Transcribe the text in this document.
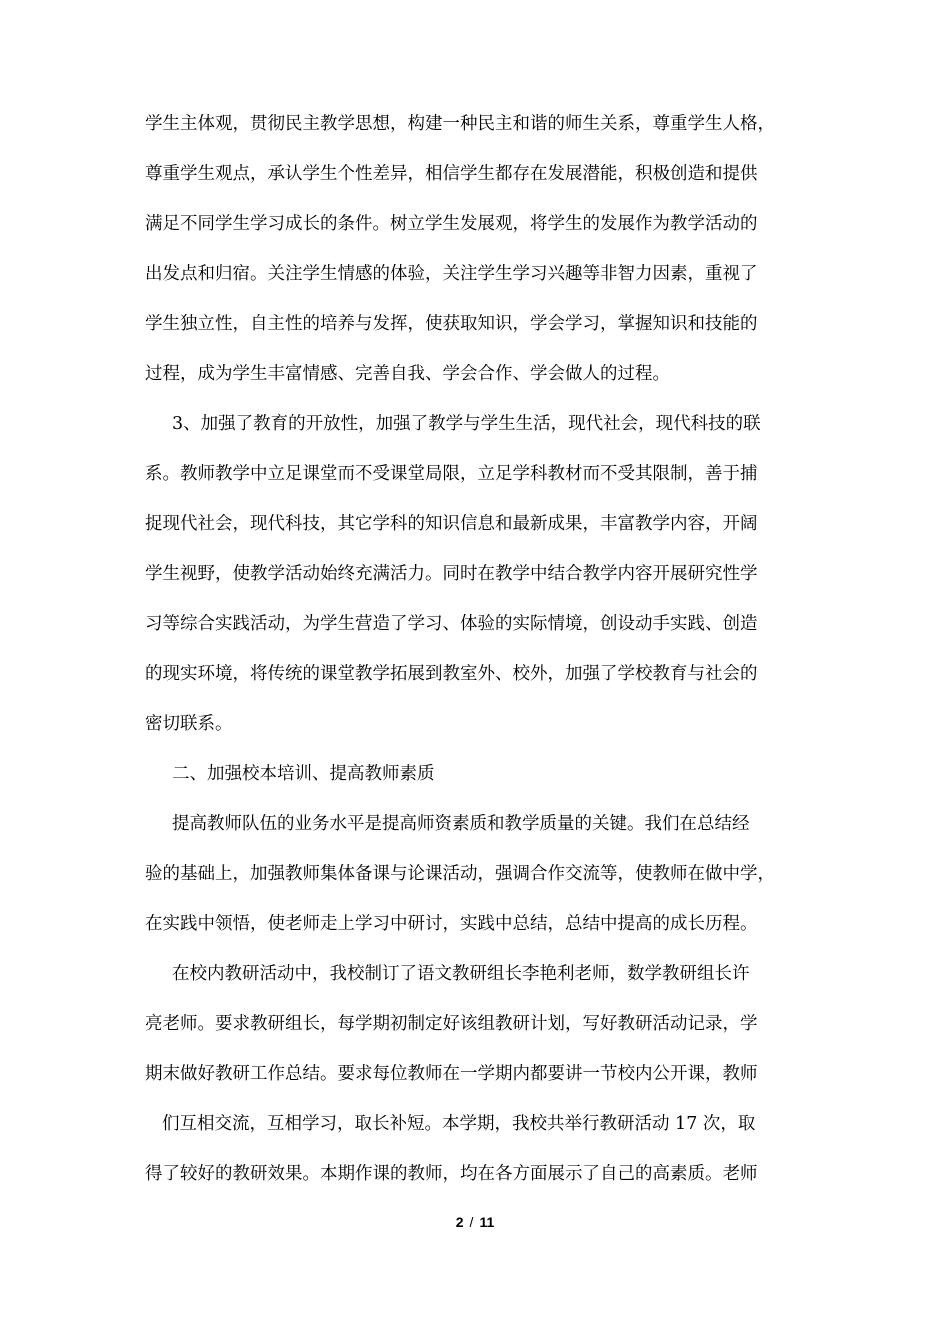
学生主体观，贯彻民主教学思想，构建一种民主和谐的师生关系，尊重学生人格，
尊重学生观点，承认学生个性差异，相信学生都存在发展潜能，积极创造和提供
满足不同学生学习成长的条件。树立学生发展观，将学生的发展作为教学活动的
出发点和归宿。关注学生情感的体验，关注学生学习兴趣等非智力因素，重视了
学生独立性，自主性的培养与发挥，使获取知识，学会学习，掌握知识和技能的
过程，成为学生丰富情感、完善自我、学会合作、学会做人的过程。
3、加强了教育的开放性，加强了教学与学生生活，现代社会，现代科技的联
系。教师教学中立足课堂而不受课堂局限，立足学科教材而不受其限制，善于捕
捉现代社会，现代科技，其它学科的知识信息和最新成果，丰富教学内容，开阔
学生视野，使教学活动始终充满活力。同时在教学中结合教学内容开展研究性学
习等综合实践活动，为学生营造了学习、体验的实际情境，创设动手实践、创造
的现实环境，将传统的课堂教学拓展到教室外、校外，加强了学校教育与社会的
密切联系。
二、加强校本培训、提高教师素质
提高教师队伍的业务水平是提高师资素质和教学质量的关键。我们在总结经
验的基础上，加强教师集体备课与论课活动，强调合作交流等，使教师在做中学，
在实践中领悟，使老师走上学习中研讨，实践中总结，总结中提高的成长历程。
在校内教研活动中，我校制订了语文教研组长李艳利老师，数学教研组长许
亮老师。要求教研组长，每学期初制定好该组教研计划，写好教研活动记录，学
期末做好教研工作总结。要求每位教师在一学期内都要讲一节校内公开课，教师
们互相交流，互相学习，取长补短。本学期，我校共举行教研活动 17 次，取
得了较好的教研效果。本期作课的教师，均在各方面展示了自己的高素质。老师
2 / 11
